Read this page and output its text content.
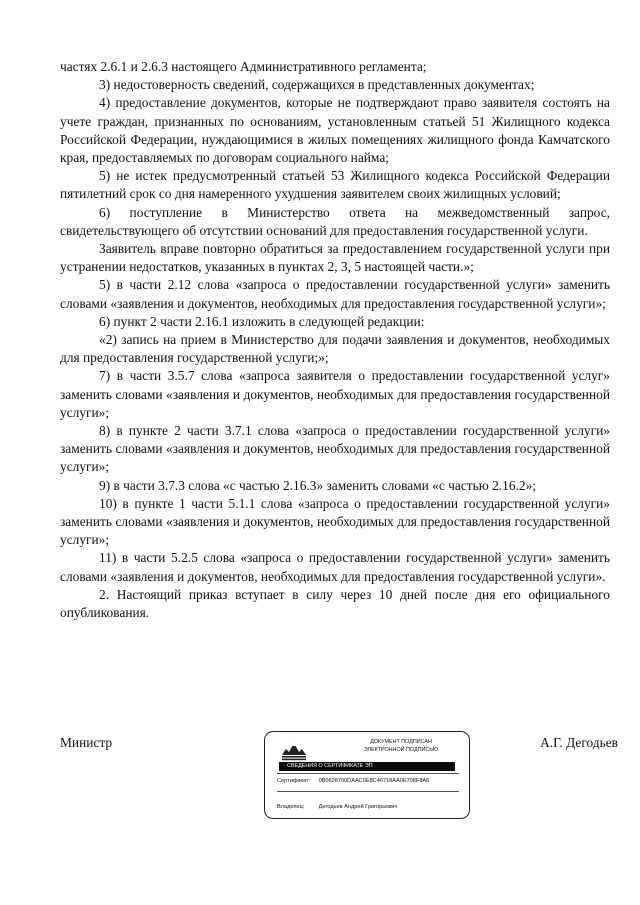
частях 2.6.1 и 2.6.3 настоящего Административного регламента;

3) недостоверность сведений, содержащихся в представленных документах;

4) предоставление документов, которые не подтверждают право заявителя состоять на учете граждан, признанных по основаниям, установленным статьей 51 Жилищного кодекса Российской Федерации, нуждающимися в жилых помещениях жилищного фонда Камчатского края, предоставляемых по договорам социального найма;

5) не истек предусмотренный статьей 53 Жилищного кодекса Российской Федерации пятилетний срок со дня намеренного ухудшения заявителем своих жилищных условий;

6) поступление в Министерство ответа на межведомственный запрос, свидетельствующего об отсутствии оснований для предоставления государственной услуги.

Заявитель вправе повторно обратиться за предоставлением государственной услуги при устранении недостатков, указанных в пунктах 2, 3, 5 настоящей части.»;

5) в части 2.12 слова «запроса о предоставлении государственной услуги» заменить словами «заявления и документов, необходимых для предоставления государственной услуги»;

6) пункт 2 части 2.16.1 изложить в следующей редакции:

«2) запись на прием в Министерство для подачи заявления и документов, необходимых для предоставления государственной услуги;»;

7) в части 3.5.7 слова «запроса заявителя о предоставлении государственной услуг» заменить словами «заявления и документов, необходимых для предоставления государственной услуги»;

8) в пункте 2 части 3.7.1 слова «запроса о предоставлении государственной услуги» заменить словами «заявления и документов, необходимых для предоставления государственной услуги»;

9) в части 3.7.3 слова «с частью 2.16.3» заменить словами «с частью 2.16.2»;

10) в пункте 1 части 5.1.1 слова «запроса о предоставлении государственной услуги» заменить словами «заявления и документов, необходимых для предоставления государственной услуги»;

11) в части 5.2.5 слова «запроса о предоставлении государственной услуги» заменить словами «заявления и документов, необходимых для предоставления государственной услуги».

2. Настоящий приказ вступает в силу через 10 дней после дня его официального опубликования.

Министр	А.Г. Дегодьев
ДОКУМЕНТ ПОДПИСАН
ЭЛЕКТРОННОЙ ПОДПИСЬЮ
СВЕДЕНИЯ О СЕРТИФИКАТЕ ЭП
Сертификат: 0B0628700DAAC0E8C46718AA0E708F8A6
Владелец:	Дегодьев Андрей Григорьевич
